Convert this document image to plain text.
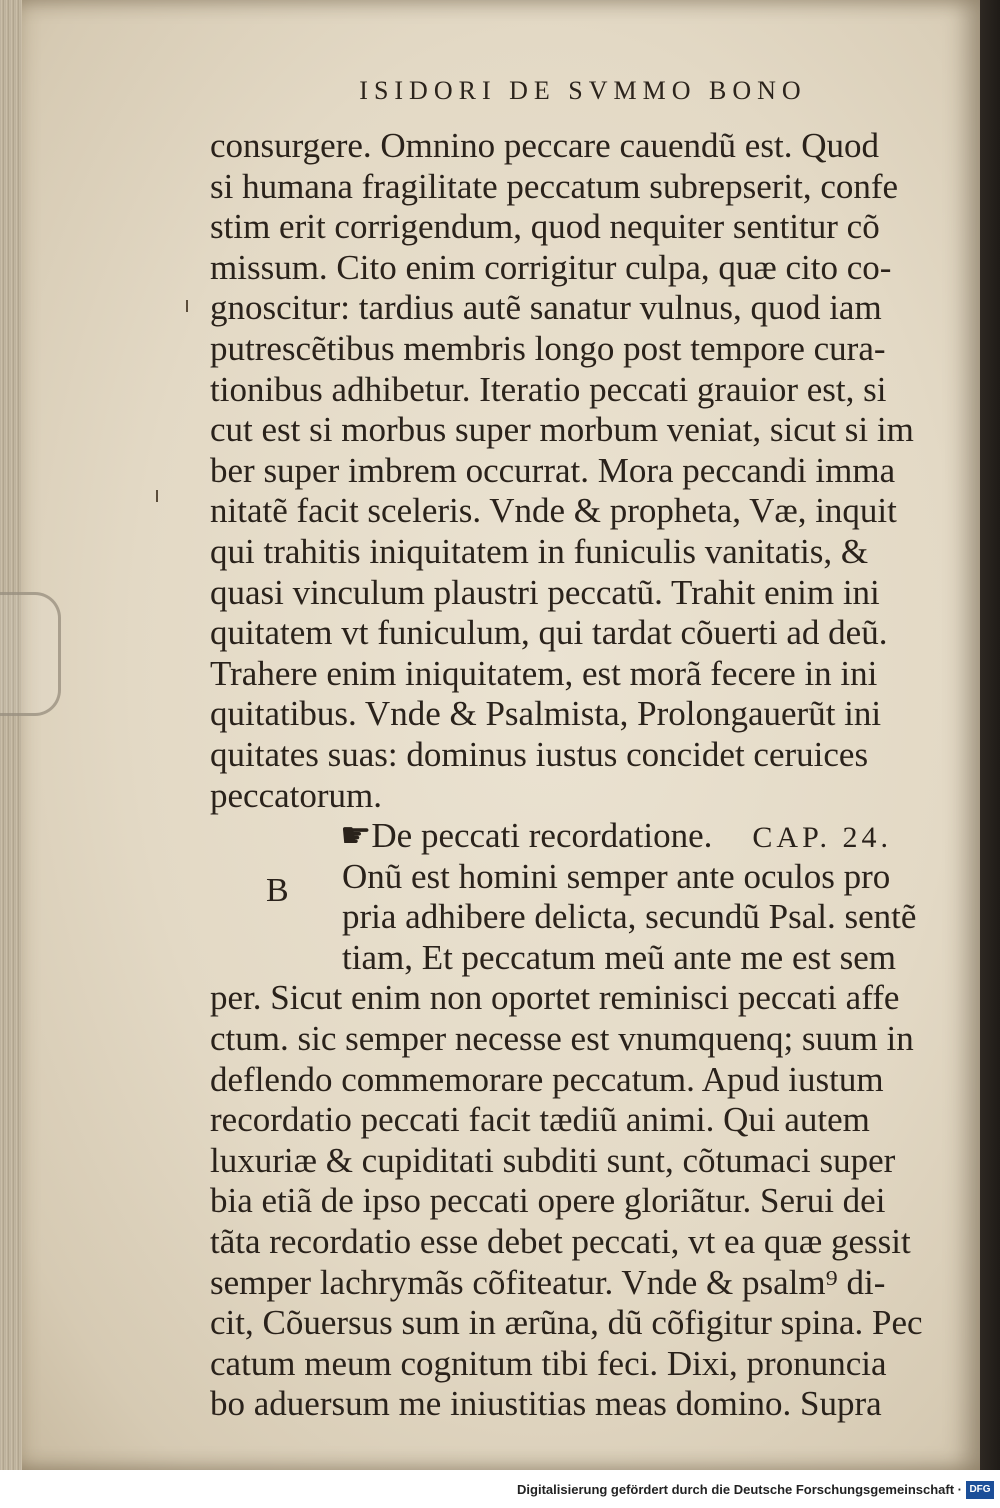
ISIDORI DE SVMMO BONO
consurgere. Omnino peccare cauendũ est. Quod
si humana fragilitate peccatum subrepserit, confe
stim erit corrigendum, quod nequiter sentitur cõ
missum. Cito enim corrigitur culpa, quæ cito co-
gnoscitur: tardius autẽ sanatur vulnus, quod iam
putrescẽtibus membris longo post tempore cura-
tionibus adhibetur. Iteratio peccati grauior est, si
cut est si morbus super morbum veniat, sicut si im
ber super imbrem occurrat. Mora peccandi imma
nitatẽ facit sceleris. Vnde & propheta, Væ, inquit
qui trahitis iniquitatem in funiculis vanitatis, &
quasi vinculum plaustri peccatũ. Trahit enim ini
quitatem vt funiculum, qui tardat cõuerti ad deũ.
Trahere enim iniquitatem, est morã fecere in ini
quitatibus. Vnde & Psalmista, Prolongauerũt ini
quitates suas: dominus iustus concidet ceruices
peccatorum.
☛De peccati recordatione. CAP. 24.
Onũ est homini semper ante oculos pro
pria adhibere delicta, secundũ Psal. sentẽ
tiam, Et peccatum meũ ante me est sem
per. Sicut enim non oportet reminisci peccati affe
ctum. sic semper necesse est vnumquenq; suum in
deflendo commemorare peccatum. Apud iustum
recordatio peccati facit tædiũ animi. Qui autem
luxuriæ & cupiditati subditi sunt, cõtumaci super
bia etiã de ipso peccati opere gloriãtur. Serui dei
tãta recordatio esse debet peccati, vt ea quæ gessit
semper lachrymãs cõfiteatur. Vnde & psalm⁹ di-
cit, Cõuersus sum in ærũna, dũ cõfigitur spina. Pec
catum meum cognitum tibi feci. Dixi, pronuncia
bo aduersum me iniustitias meas domino. Supra
B
Digitalisierung gefördert durch die Deutsche Forschungsgemeinschaft · DFG
